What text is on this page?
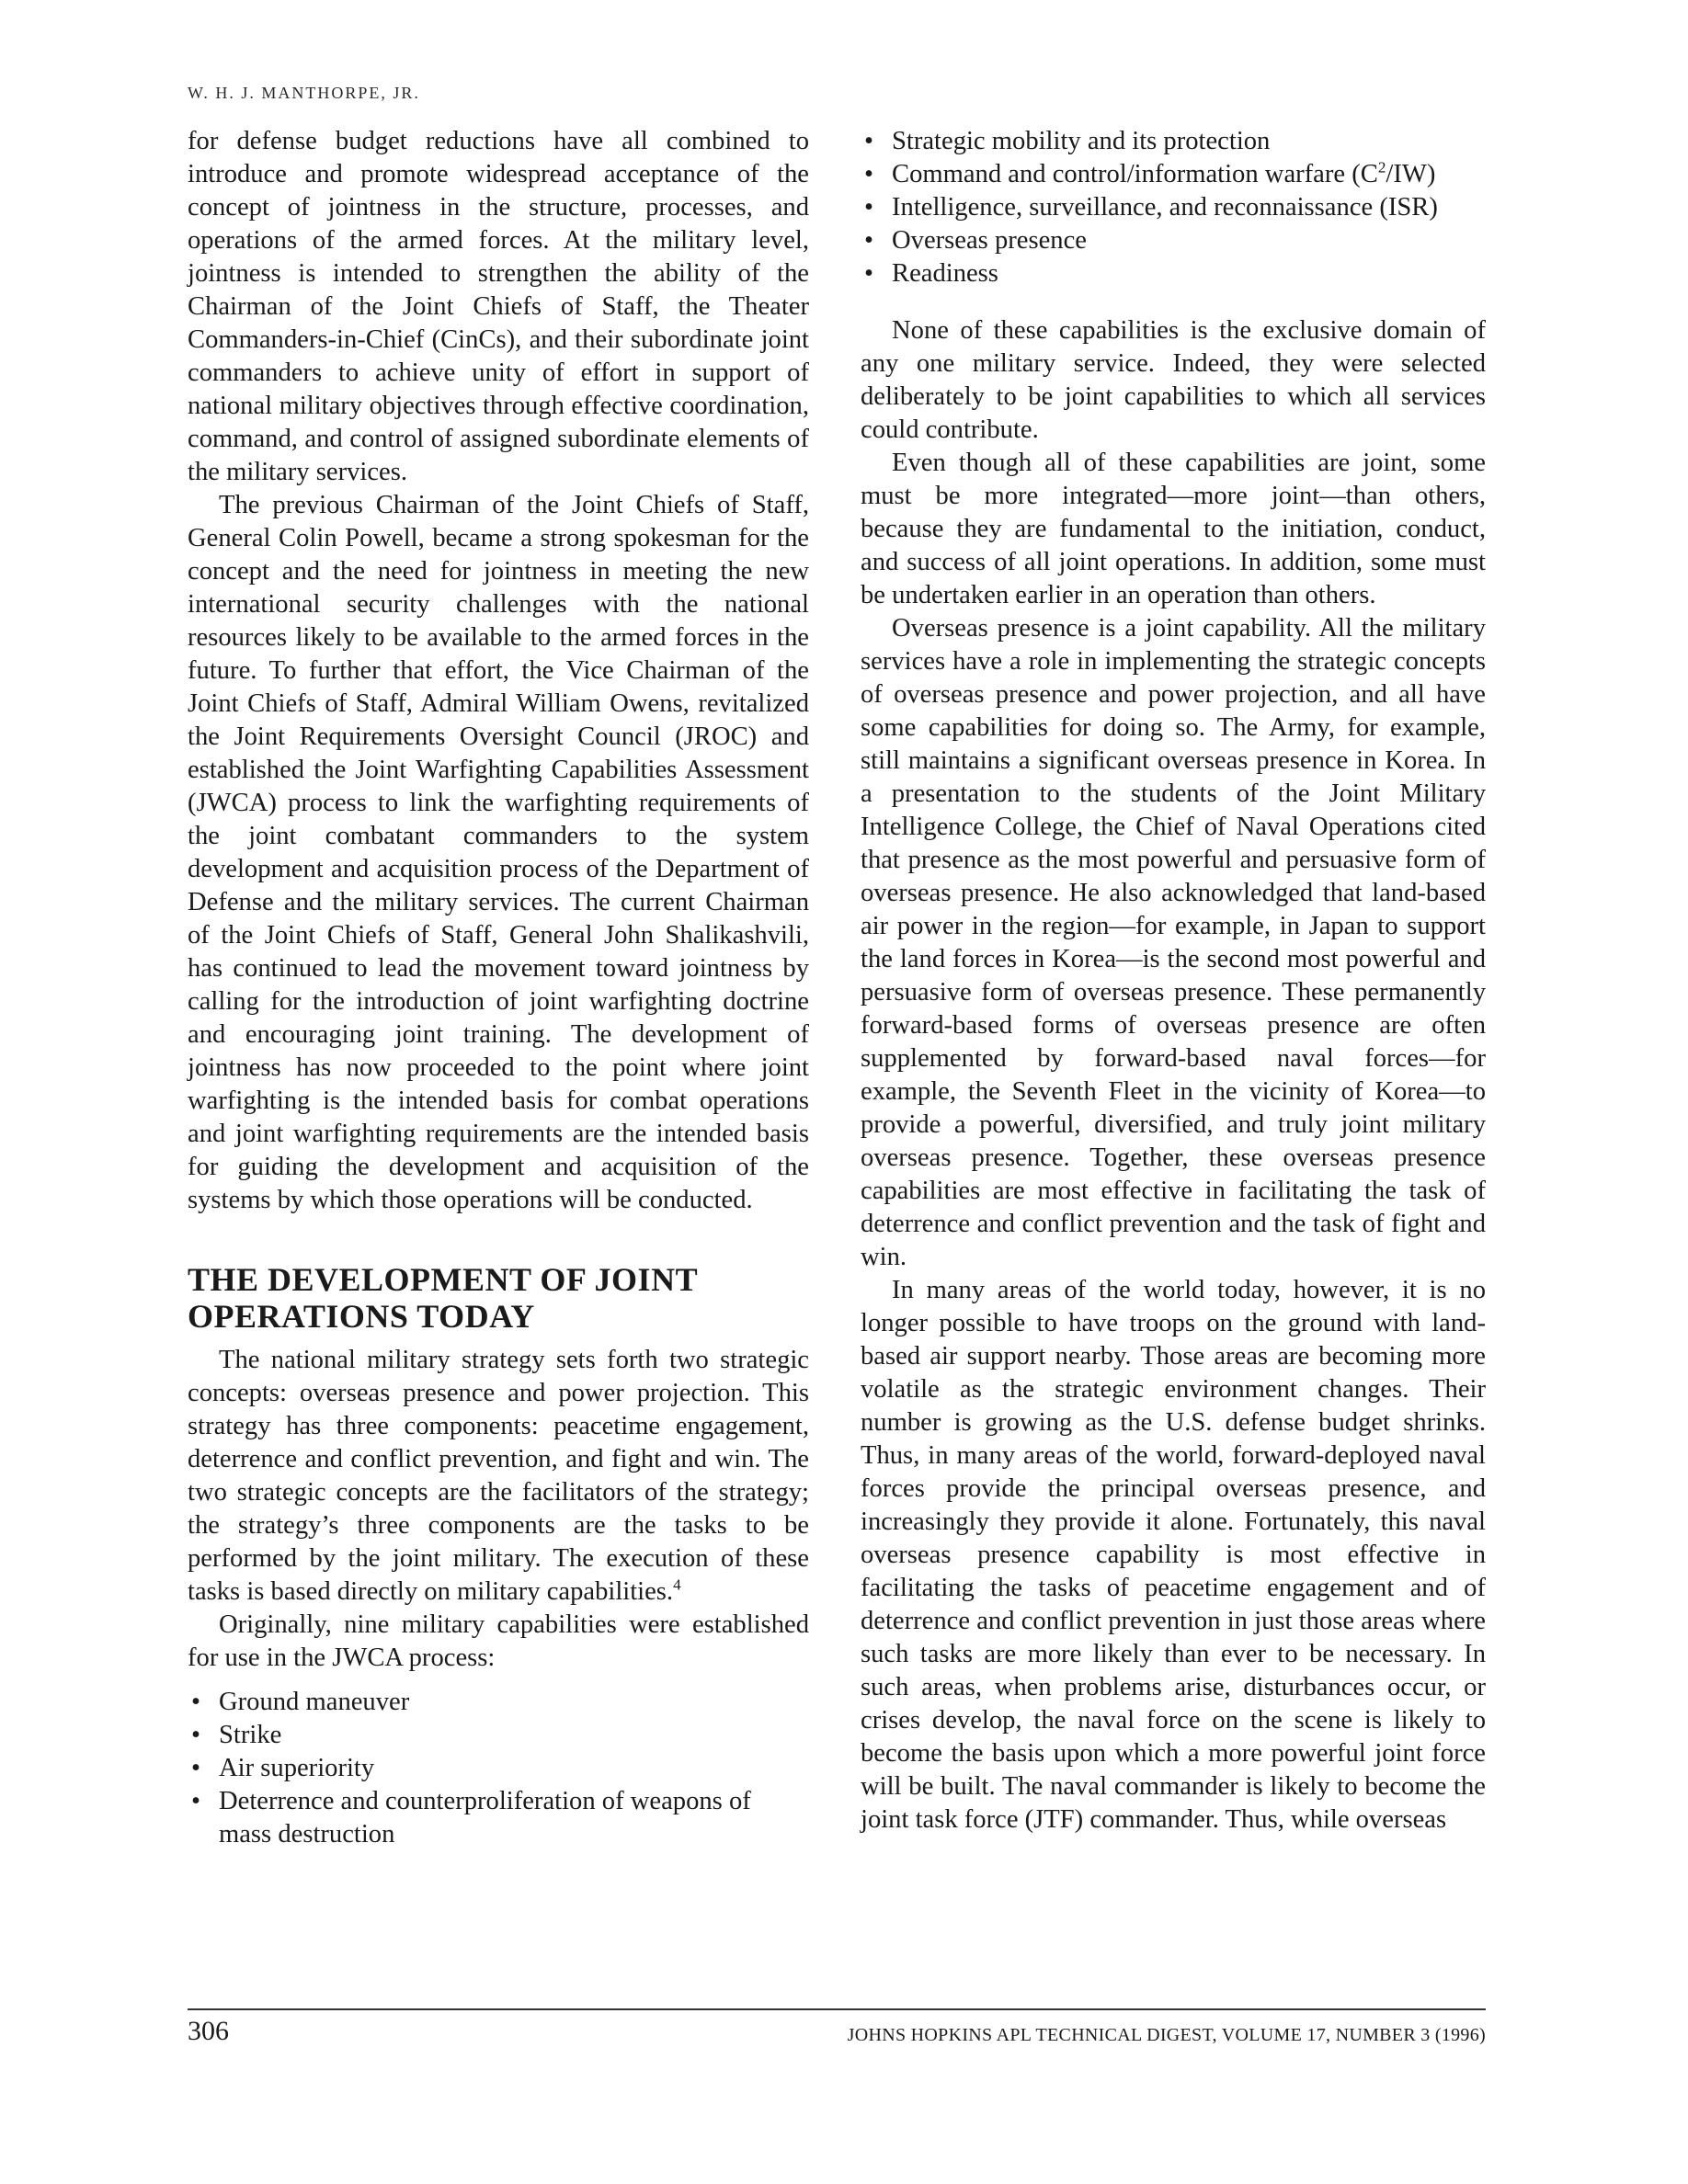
W. H. J. MANTHORPE, JR.

for defense budget reductions have all combined to introduce and promote widespread acceptance of the concept of jointness in the structure, processes, and operations of the armed forces. At the military level, jointness is intended to strengthen the ability of the Chairman of the Joint Chiefs of Staff, the Theater Commanders-in-Chief (CinCs), and their subordinate joint commanders to achieve unity of effort in support of national military objectives through effective coordination, command, and control of assigned subordinate elements of the military services.

The previous Chairman of the Joint Chiefs of Staff, General Colin Powell, became a strong spokesman for the concept and the need for jointness in meeting the new international security challenges with the national resources likely to be available to the armed forces in the future. To further that effort, the Vice Chairman of the Joint Chiefs of Staff, Admiral William Owens, revitalized the Joint Requirements Oversight Council (JROC) and established the Joint Warfighting Capabilities Assessment (JWCA) process to link the warfighting requirements of the joint combatant commanders to the system development and acquisition process of the Department of Defense and the military services. The current Chairman of the Joint Chiefs of Staff, General John Shalikashvili, has continued to lead the movement toward jointness by calling for the introduction of joint warfighting doctrine and encouraging joint training. The development of jointness has now proceeded to the point where joint warfighting is the intended basis for combat operations and joint warfighting requirements are the intended basis for guiding the development and acquisition of the systems by which those operations will be conducted.

THE DEVELOPMENT OF JOINT
OPERATIONS TODAY

The national military strategy sets forth two strategic concepts: overseas presence and power projection. This strategy has three components: peacetime engagement, deterrence and conflict prevention, and fight and win. The two strategic concepts are the facilitators of the strategy; the strategy’s three components are the tasks to be performed by the joint military. The execution of these tasks is based directly on military capabilities.$^4$

Originally, nine military capabilities were established for use in the JWCA process:

• Ground maneuver
• Strike
• Air superiority
• Deterrence and counterproliferation of weapons of mass destruction
• Strategic mobility and its protection
• Command and control/information warfare $(C^2/IW)$
• Intelligence, surveillance, and reconnaissance (ISR)
• Overseas presence
• Readiness

None of these capabilities is the exclusive domain of any one military service. Indeed, they were selected deliberately to be joint capabilities to which all services could contribute.

Even though all of these capabilities are joint, some must be more integrated—more joint—than others, because they are fundamental to the initiation, conduct, and success of all joint operations. In addition, some must be undertaken earlier in an operation than others.

Overseas presence is a joint capability. All the military services have a role in implementing the strategic concepts of overseas presence and power projection, and all have some capabilities for doing so. The Army, for example, still maintains a significant overseas presence in Korea. In a presentation to the students of the Joint Military Intelligence College, the Chief of Naval Operations cited that presence as the most powerful and persuasive form of overseas presence. He also acknowledged that land-based air power in the region—for example, in Japan to support the land forces in Korea—is the second most powerful and persuasive form of overseas presence. These permanently forward-based forms of overseas presence are often supplemented by forward-based naval forces—for example, the Seventh Fleet in the vicinity of Korea—to provide a powerful, diversified, and truly joint military overseas presence. Together, these overseas presence capabilities are most effective in facilitating the task of deterrence and conflict prevention and the task of fight and win.

In many areas of the world today, however, it is no longer possible to have troops on the ground with land-based air support nearby. Those areas are becoming more volatile as the strategic environment changes. Their number is growing as the U.S. defense budget shrinks. Thus, in many areas of the world, forward-deployed naval forces provide the principal overseas presence, and increasingly they provide it alone. Fortunately, this naval overseas presence capability is most effective in facilitating the tasks of peacetime engagement and of deterrence and conflict prevention in just those areas where such tasks are more likely than ever to be necessary. In such areas, when problems arise, disturbances occur, or crises develop, the naval force on the scene is likely to become the basis upon which a more powerful joint force will be built. The naval commander is likely to become the joint task force (JTF) commander. Thus, while overseas

306	JOHNS HOPKINS APL TECHNICAL DIGEST, VOLUME 17, NUMBER 3 (1996)
